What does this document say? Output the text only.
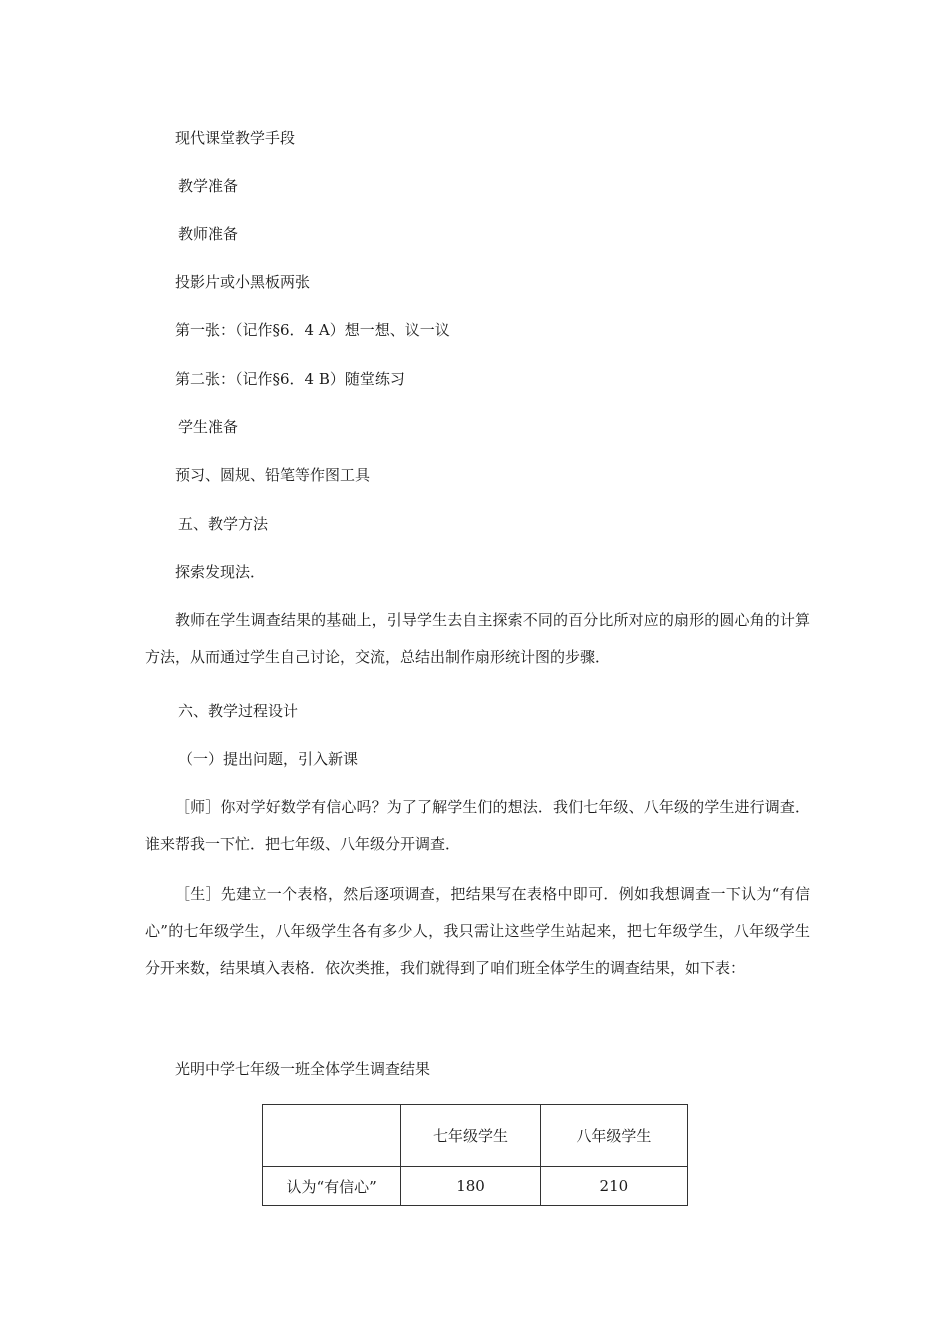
现代课堂教学手段
教学准备
教师准备
投影片或小黑板两张
第一张：（记作§6．4 A）想一想、议一议
第二张：（记作§6．4 B）随堂练习
学生准备
预习、圆规、铅笔等作图工具
五、教学方法
探索发现法．
教师在学生调查结果的基础上，引导学生去自主探索不同的百分比所对应的扇形的圆心角的计算方法，从而通过学生自己讨论，交流，总结出制作扇形统计图的步骤．
六、教学过程设计
（一）提出问题，引入新课
［师］你对学好数学有信心吗？为了了解学生们的想法．我们七年级、八年级的学生进行调查．谁来帮我一下忙．把七年级、八年级分开调查．
［生］先建立一个表格，然后逐项调查，把结果写在表格中即可．例如我想调查一下认为“有信心”的七年级学生，八年级学生各有多少人，我只需让这些学生站起来，把七年级学生，八年级学生分开来数，结果填入表格．依次类推，我们就得到了咱们班全体学生的调查结果，如下表：
光明中学七年级一班全体学生调查结果
	七年级学生	八年级学生
认为“有信心”	180	210
